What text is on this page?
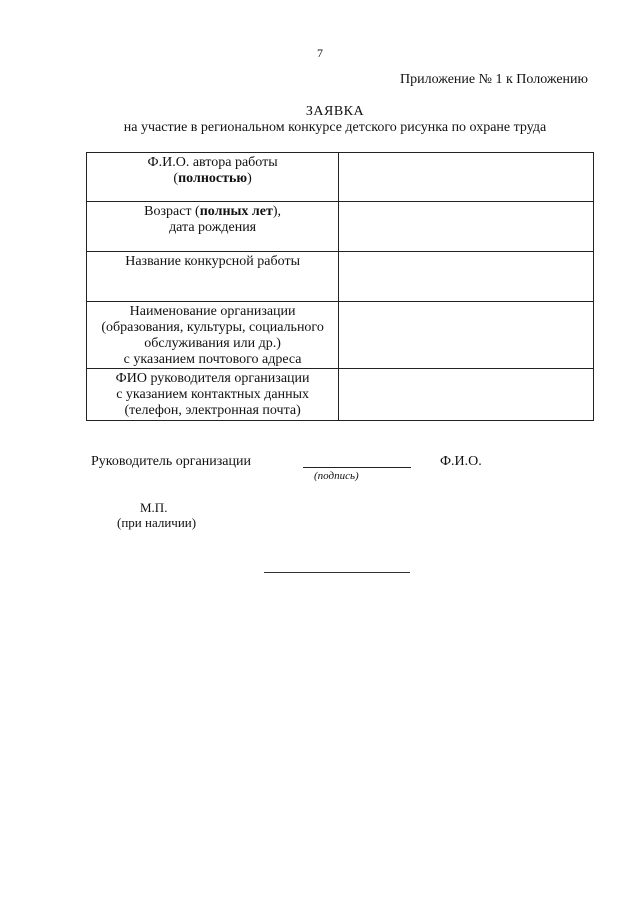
7
Приложение № 1 к Положению
ЗАЯВКА
на участие в региональном конкурсе детского рисунка по охране труда
Ф.И.О. автора работы
(полностью)	

Возраст (полных лет),
дата рождения	

Название конкурсной работы	

Наименование организации
(образования, культуры, социального
обслуживания или др.)
с указанием почтового адреса	

ФИО руководителя организации
с указанием контактных данных
(телефон, электронная почта)	

Руководитель организации
(подпись)
Ф.И.О.
М.П.
(при наличии)
